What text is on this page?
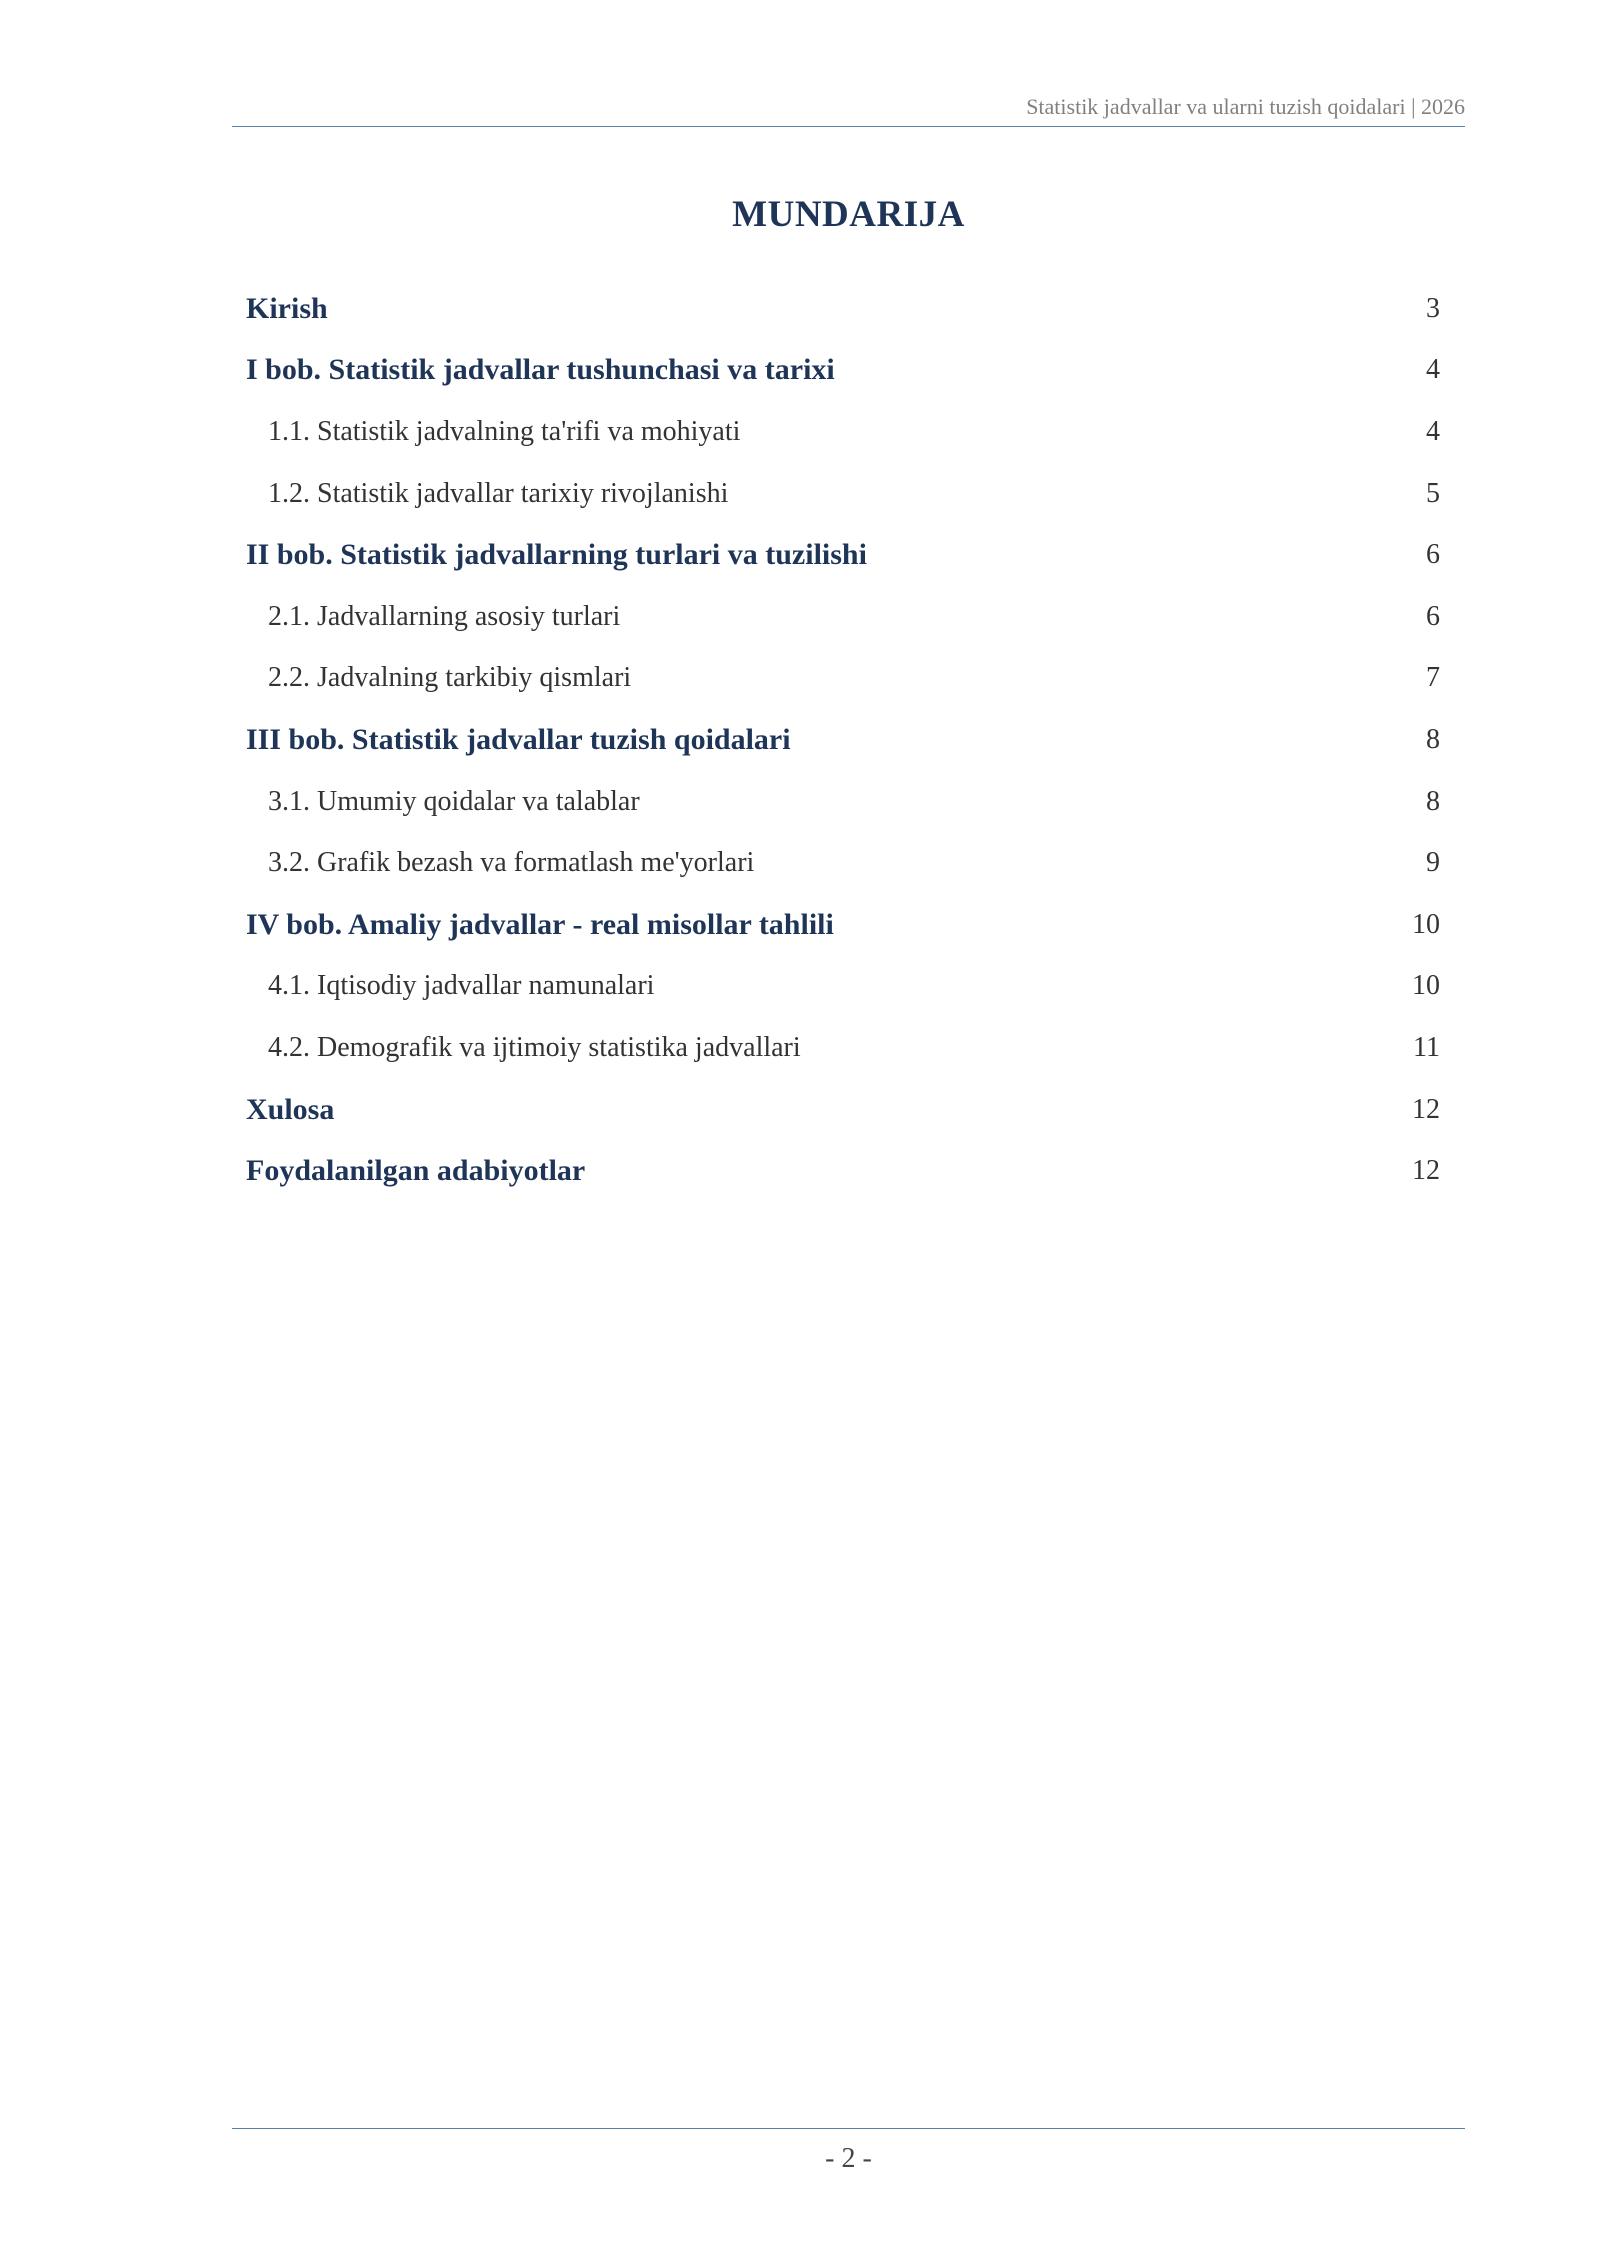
Statistik jadvallar va ularni tuzish qoidalari | 2026
MUNDARIJA
Kirish	3
I bob. Statistik jadvallar tushunchasi va tarixi	4
1.1. Statistik jadvalning ta'rifi va mohiyati	4
1.2. Statistik jadvallar tarixiy rivojlanishi	5
II bob. Statistik jadvallarning turlari va tuzilishi	6
2.1. Jadvallarning asosiy turlari	6
2.2. Jadvalning tarkibiy qismlari	7
III bob. Statistik jadvallar tuzish qoidalari	8
3.1. Umumiy qoidalar va talablar	8
3.2. Grafik bezash va formatlash me'yorlari	9
IV bob. Amaliy jadvallar - real misollar tahlili	10
4.1. Iqtisodiy jadvallar namunalari	10
4.2. Demografik va ijtimoiy statistika jadvallari	11
Xulosa	12
Foydalanilgan adabiyotlar	12
- 2 -
